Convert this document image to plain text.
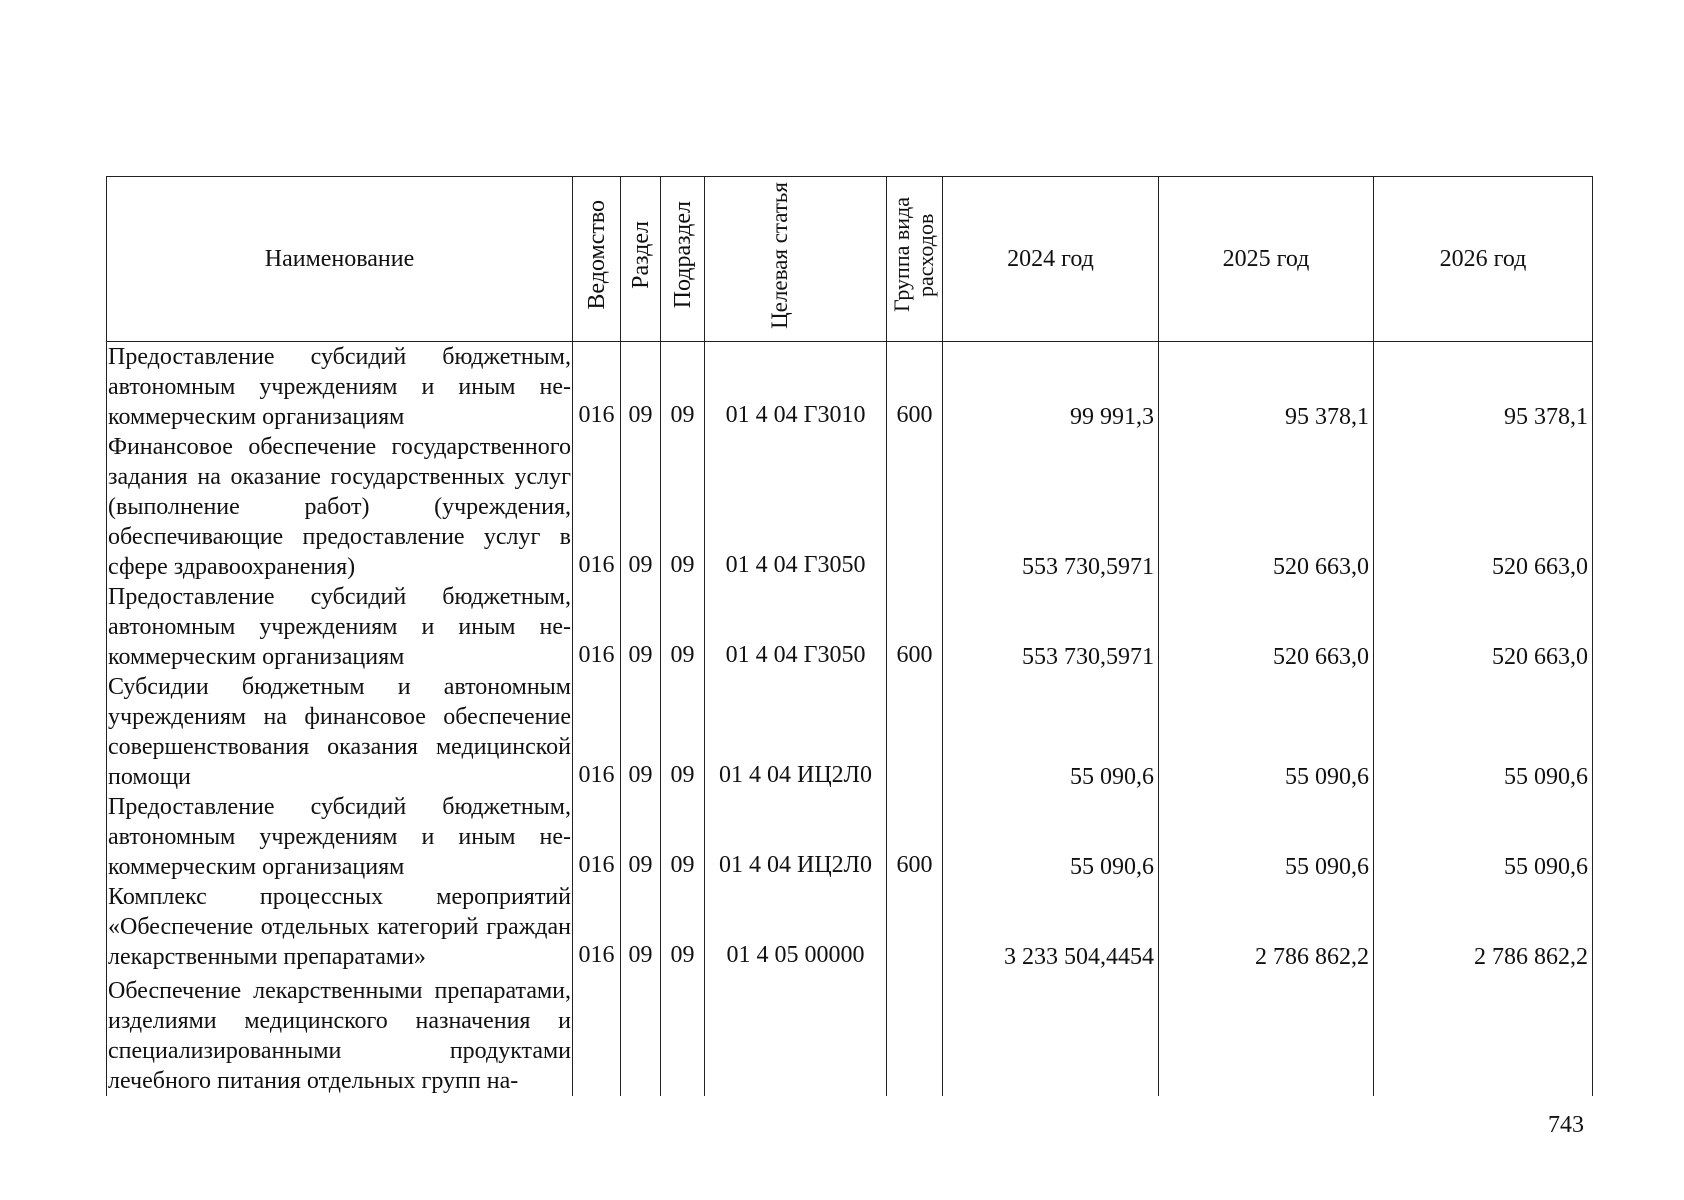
Наименование	Ведомство	Раздел	Подраздел	Целевая статья	Группа вида расходов	2024 год	2025 год	2026 год
Предоставление субсидий бюджетным, автономным учреждениям и иным некоммерческим организациям	016	09	09	01 4 04 Г3010	600	99 991,3	95 378,1	95 378,1
Финансовое обеспечение государственного задания на оказание государственных услуг (выполнение работ) (учреждения, обеспечивающие предоставление услуг в сфере здравоохранения)	016	09	09	01 4 04 Г3050		553 730,5971	520 663,0	520 663,0
Предоставление субсидий бюджетным, автономным учреждениям и иным некоммерческим организациям	016	09	09	01 4 04 Г3050	600	553 730,5971	520 663,0	520 663,0
Субсидии бюджетным и автономным учреждениям на финансовое обеспечение совершенствования оказания медицинской помощи	016	09	09	01 4 04 ИЦ2Л0		55 090,6	55 090,6	55 090,6
Предоставление субсидий бюджетным, автономным учреждениям и иным некоммерческим организациям	016	09	09	01 4 04 ИЦ2Л0	600	55 090,6	55 090,6	55 090,6
Комплекс процессных мероприятий «Обеспечение отдельных категорий граждан лекарственными препаратами»	016	09	09	01 4 05 00000		3 233 504,4454	2 786 862,2	2 786 862,2
Обеспечение лекарственными препаратами, изделиями медицинского назначения и специализированными продуктами лечебного питания отдельных групп на-								
743
